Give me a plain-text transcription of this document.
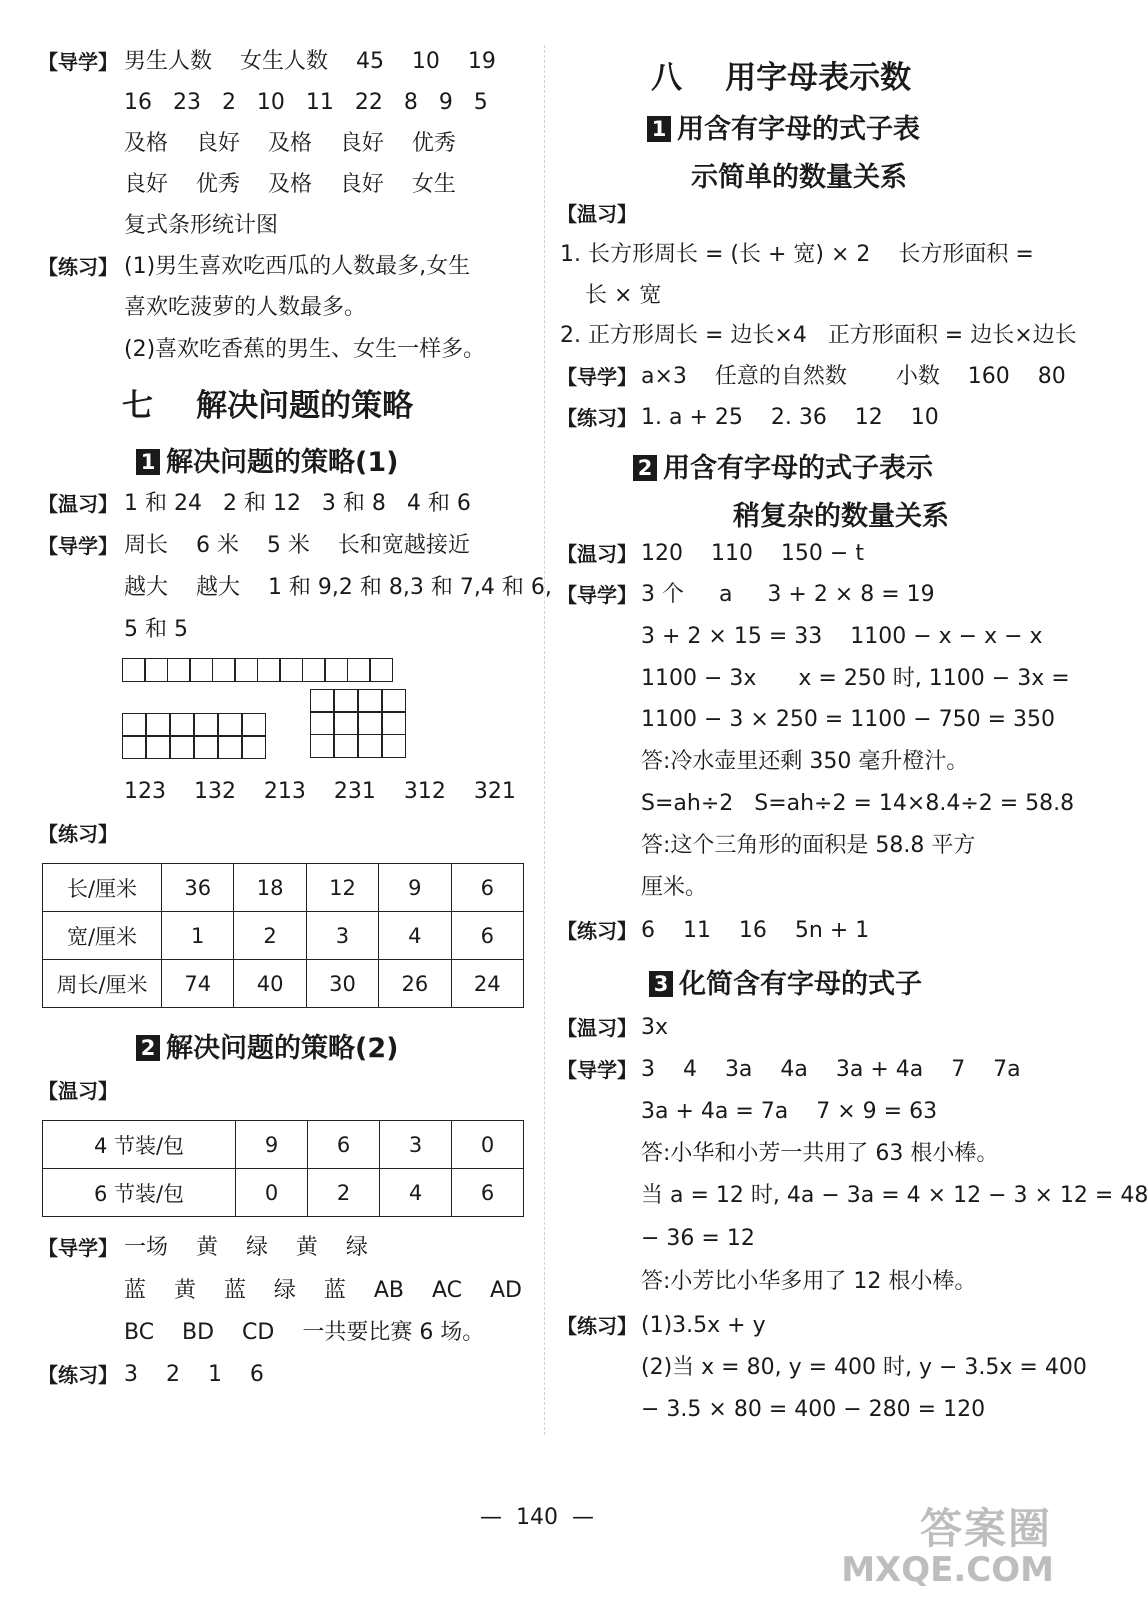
【导学】 男生人数    女生人数    45    10    19
16   23   2   10   11   22   8   9   5
及格    良好    及格    良好    优秀
良好    优秀    及格    良好    女生
复式条形统计图
【练习】 (1)男生喜欢吃西瓜的人数最多,女生
喜欢吃菠萝的人数最多。
(2)喜欢吃香蕉的男生、女生一样多。
七    解决问题的策略
1 解决问题的策略(1)
【温习】 1 和 24   2 和 12   3 和 8   4 和 6
【导学】 周长    6 米    5 米    长和宽越接近
越大    越大    1 和 9,2 和 8,3 和 7,4 和 6,
5 和 5
123    132    213    231    312    321
【练习】
长/厘米	36	18	12	9	6
宽/厘米	1	2	3	4	6
周长/厘米	74	40	30	26	24
2 解决问题的策略(2)
【温习】
4 节装/包	9	6	3	0
6 节装/包	0	2	4	6
【导学】 一场    黄    绿    黄    绿
蓝    黄    蓝    绿    蓝    AB    AC    AD
BC    BD    CD    一共要比赛 6 场。
【练习】 3    2    1    6
八    用字母表示数
1 用含有字母的式子表
示简单的数量关系
【温习】
1. 长方形周长 = (长 + 宽) × 2    长方形面积 =
长 × 宽
2. 正方形周长 = 边长×4   正方形面积 = 边长×边长
【导学】 a×3    任意的自然数       小数    160    80
【练习】 1. a + 25    2. 36    12    10
2 用含有字母的式子表示
稍复杂的数量关系
【温习】 120    110    150 − t
【导学】 3 个     a     3 + 2 × 8 = 19
3 + 2 × 15 = 33    1100 − x − x − x
1100 − 3x      x = 250 时, 1100 − 3x =
1100 − 3 × 250 = 1100 − 750 = 350
答:冷水壶里还剩 350 毫升橙汁。
S=ah÷2   S=ah÷2 = 14×8.4÷2 = 58.8
答:这个三角形的面积是 58.8 平方
厘米。
【练习】 6    11    16    5n + 1
3 化简含有字母的式子
【温习】 3x
【导学】 3    4    3a    4a    3a + 4a    7    7a
3a + 4a = 7a    7 × 9 = 63
答:小华和小芳一共用了 63 根小棒。
当 a = 12 时, 4a − 3a = 4 × 12 − 3 × 12 = 48
− 36 = 12
答:小芳比小华多用了 12 根小棒。
【练习】 (1)3.5x + y
(2)当 x = 80, y = 400 时, y − 3.5x = 400
− 3.5 × 80 = 400 − 280 = 120
—  140  —	答案圈
MXQE.COM
